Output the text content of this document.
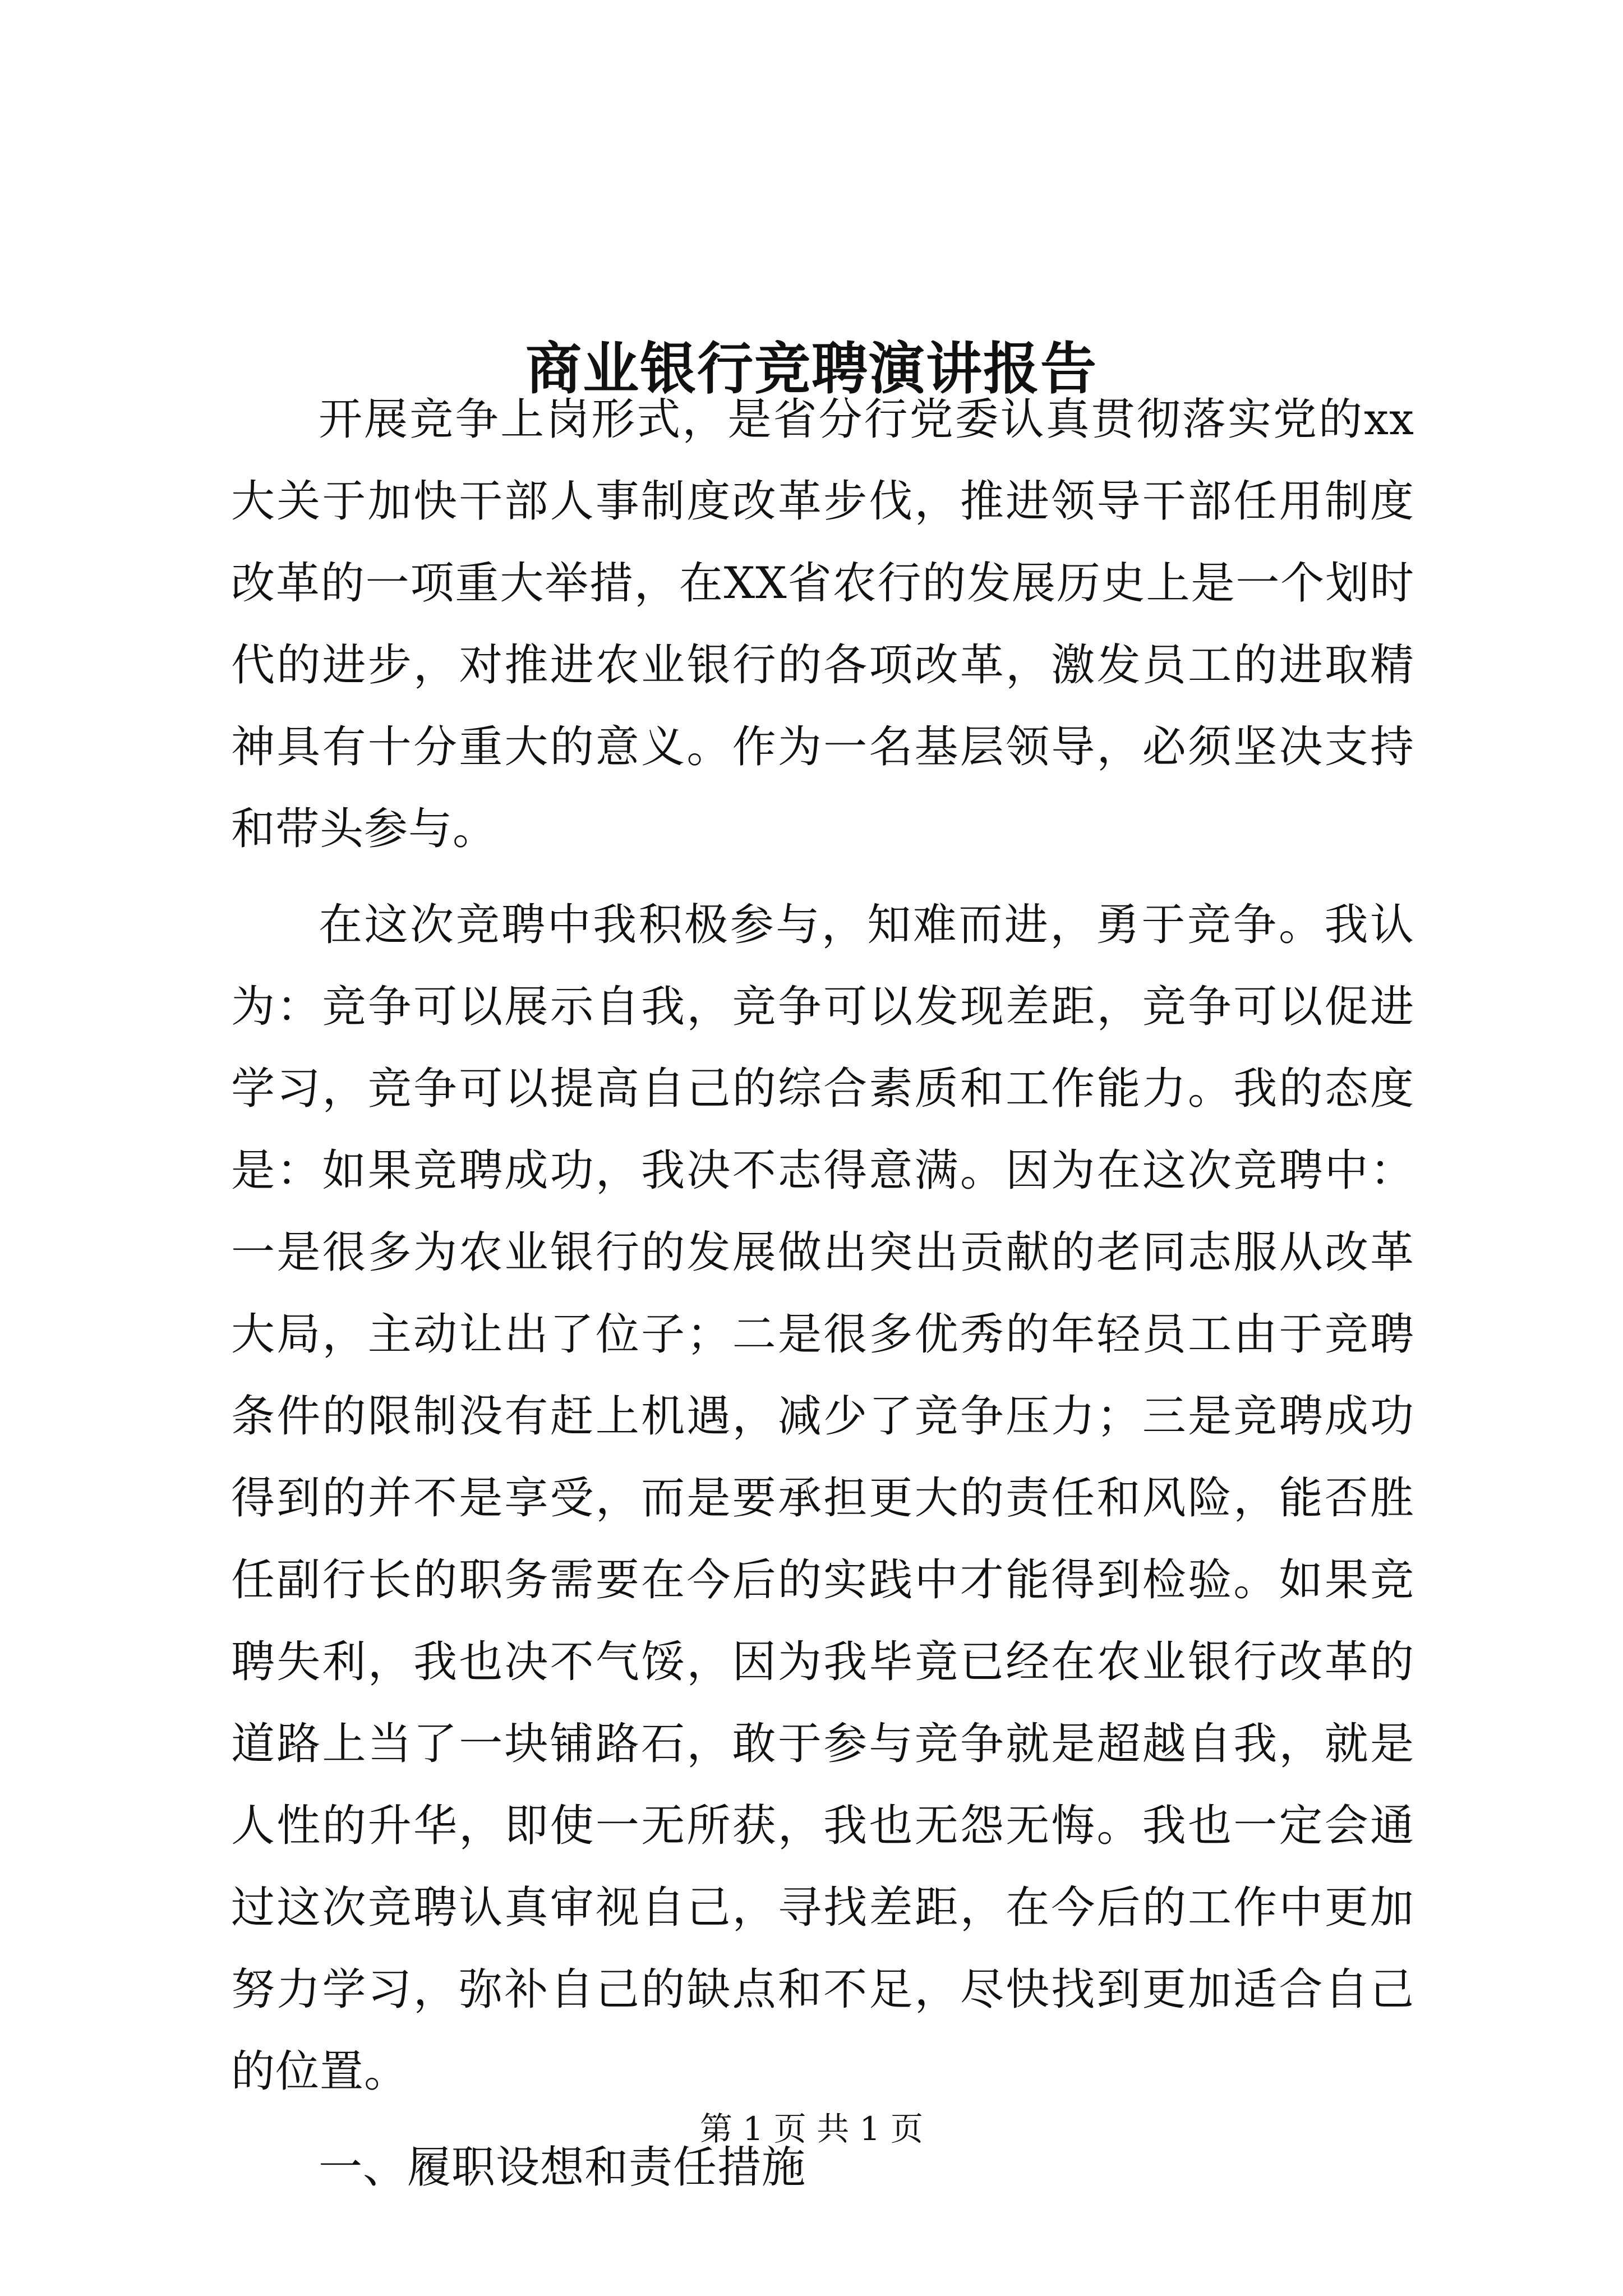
商业银行竞聘演讲报告

开展竞争上岗形式，是省分行党委认真贯彻落实党的xx大关于加快干部人事制度改革步伐，推进领导干部任用制度改革的一项重大举措，在XX省农行的发展历史上是一个划时代的进步，对推进农业银行的各项改革，激发员工的进取精神具有十分重大的意义。作为一名基层领导，必须坚决支持和带头参与。

在这次竞聘中我积极参与，知难而进，勇于竞争。我认为：竞争可以展示自我，竞争可以发现差距，竞争可以促进学习，竞争可以提高自己的综合素质和工作能力。我的态度是：如果竞聘成功，我决不志得意满。因为在这次竞聘中：一是很多为农业银行的发展做出突出贡献的老同志服从改革大局，主动让出了位子；二是很多优秀的年轻员工由于竞聘条件的限制没有赶上机遇，减少了竞争压力；三是竞聘成功得到的并不是享受，而是要承担更大的责任和风险，能否胜任副行长的职务需要在今后的实践中才能得到检验。如果竞聘失利，我也决不气馁，因为我毕竟已经在农业银行改革的道路上当了一块铺路石，敢于参与竞争就是超越自我，就是人性的升华，即使一无所获，我也无怨无悔。我也一定会通过这次竞聘认真审视自己，寻找差距，在今后的工作中更加努力学习，弥补自己的缺点和不足，尽快找到更加适合自己的位置。

一、履职设想和责任措施

第 1 页 共 1 页
